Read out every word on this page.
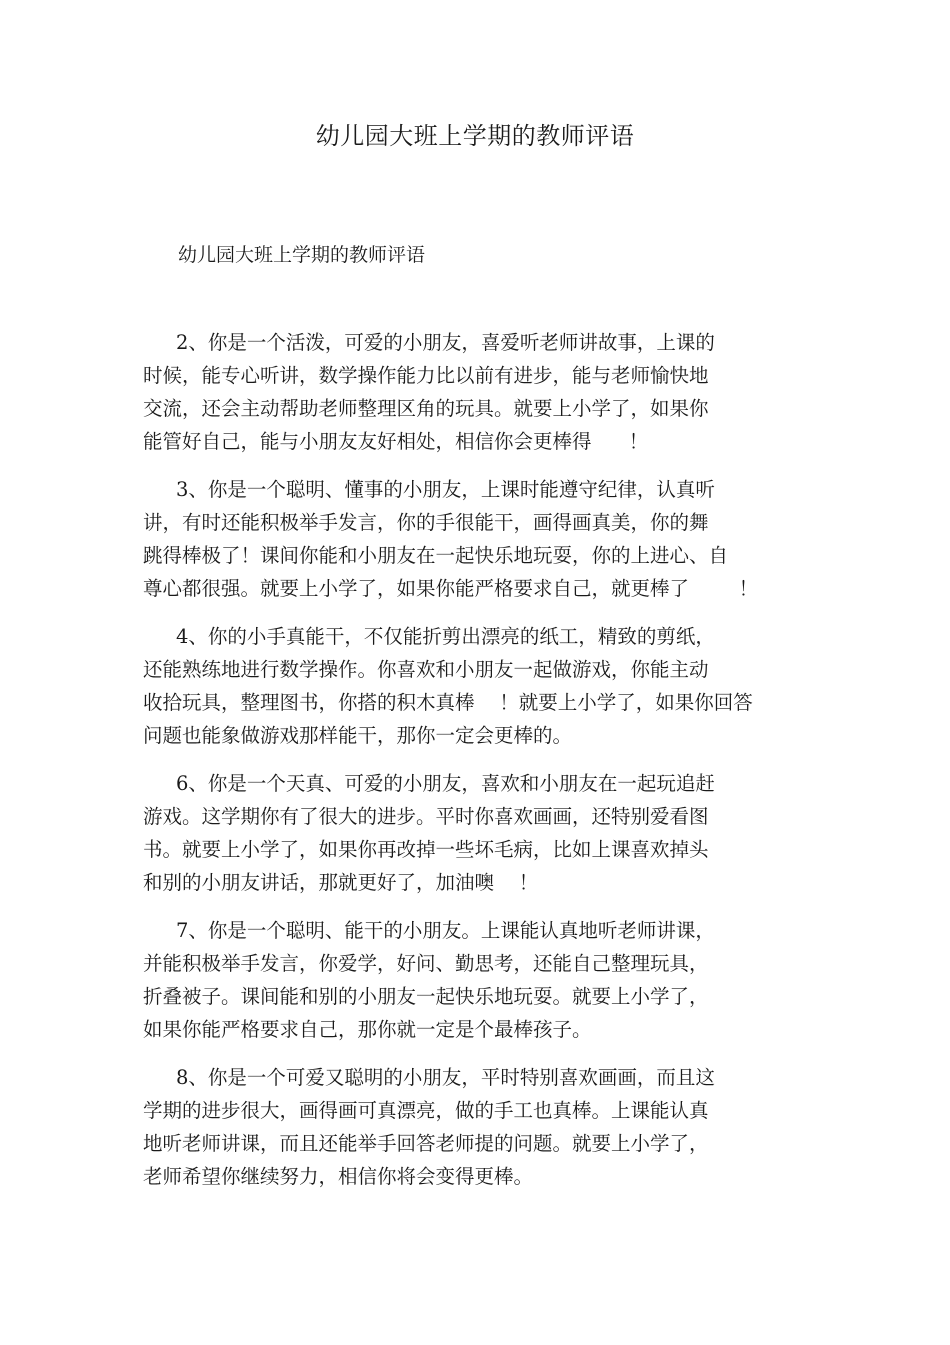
幼儿园大班上学期的教师评语

幼儿园大班上学期的教师评语

2、你是一个活泼，可爱的小朋友，喜爱听老师讲故事，上课的
时候，能专心听讲，数学操作能力比以前有进步，能与老师愉快地
交流，还会主动帮助老师整理区角的玩具。就要上小学了，如果你
能管好自己，能与小朋友友好相处，相信你会更棒得      ！
3、你是一个聪明、懂事的小朋友，上课时能遵守纪律，认真听
讲，有时还能积极举手发言，你的手很能干，画得画真美，你的舞
跳得棒极了！课间你能和小朋友在一起快乐地玩耍，你的上进心、自
尊心都很强。就要上小学了，如果你能严格要求自己，就更棒了        ！
4、你的小手真能干，不仅能折剪出漂亮的纸工，精致的剪纸，
还能熟练地进行数学操作。你喜欢和小朋友一起做游戏，你能主动
收拾玩具，整理图书，你搭的积木真棒    ！就要上小学了，如果你回答
问题也能象做游戏那样能干，那你一定会更棒的。
6、你是一个天真、可爱的小朋友，喜欢和小朋友在一起玩追赶
游戏。这学期你有了很大的进步。平时你喜欢画画，还特别爱看图
书。就要上小学了，如果你再改掉一些坏毛病，比如上课喜欢掉头
和别的小朋友讲话，那就更好了，加油噢    ！
7、你是一个聪明、能干的小朋友。上课能认真地听老师讲课，
并能积极举手发言，你爱学，好问、勤思考，还能自己整理玩具，
折叠被子。课间能和别的小朋友一起快乐地玩耍。就要上小学了，
如果你能严格要求自己，那你就一定是个最棒孩子。
8、你是一个可爱又聪明的小朋友，平时特别喜欢画画，而且这
学期的进步很大，画得画可真漂亮，做的手工也真棒。上课能认真
地听老师讲课，而且还能举手回答老师提的问题。就要上小学了，
老师希望你继续努力，相信你将会变得更棒。
